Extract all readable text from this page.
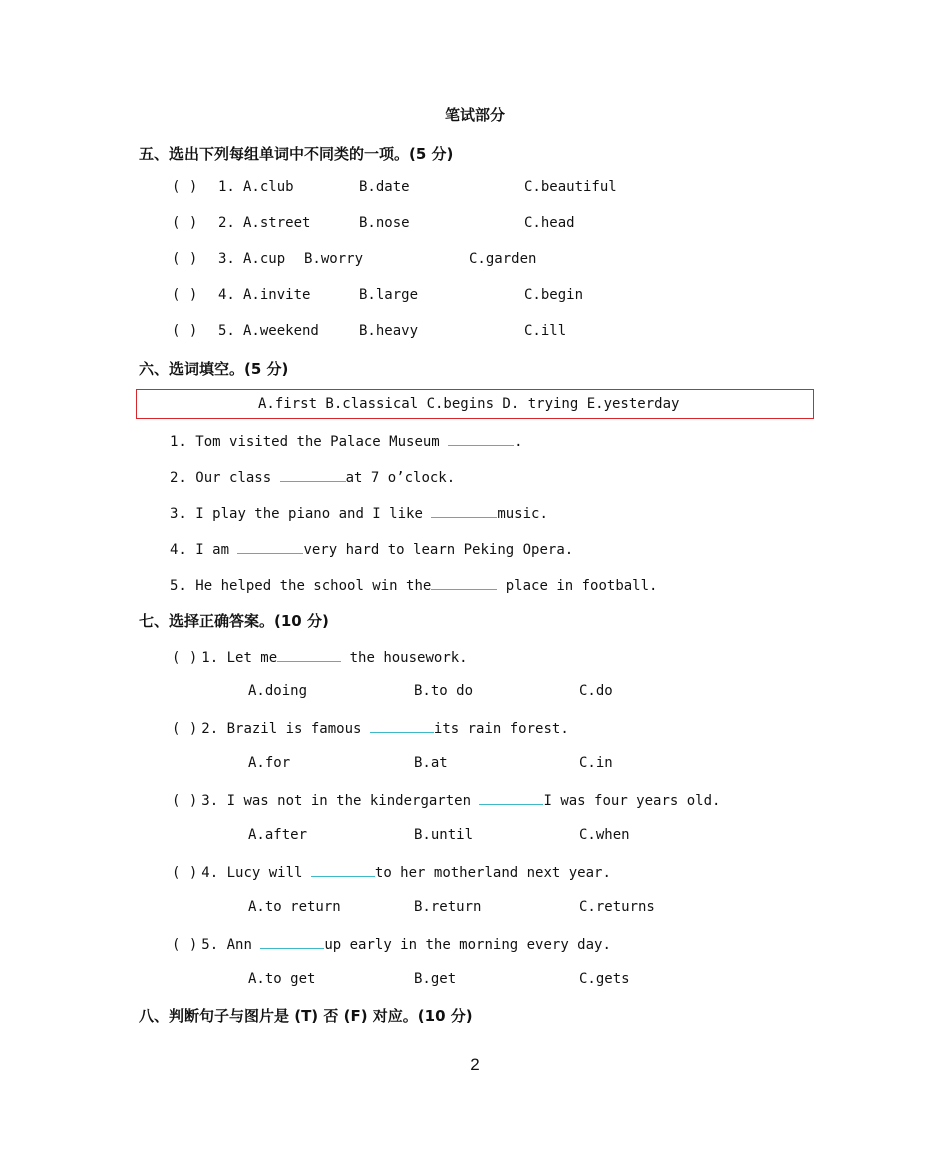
笔试部分
五、选出下列每组单词中不同类的一项。(5 分)
( ) 1. A.club	B.date	C.beautiful
( ) 2. A.street	B.nose	C.head
( ) 3. A.cup B.worry	C.garden
( ) 4. A.invite	B.large	C.begin
( ) 5. A.weekend	B.heavy	C.ill
六、选词填空。(5 分)
A.first B.classical C.begins D. trying E.yesterday
1. Tom visited the Palace Museum	.
2. Our class	at 7 o’clock.
3. I play the piano and I like	music.
4. I am	very hard to learn Peking Opera.
5. He helped the school win the	place in football.
七、选择正确答案。(10 分)
( ) 1. Let me	the housework.
A.doing	B.to do	C.do
( ) 2. Brazil is famous	its rain forest.
A.for	B.at	C.in
( ) 3. I was not in the kindergarten	I was four years old.
A.after	B.until	C.when
( ) 4. Lucy will	to her motherland next year.
A.to return	B.return	C.returns
( ) 5. Ann	up early in the morning every day.
A.to get	B.get	C.gets
八、判断句子与图片是 (T) 否 (F) 对应。(10 分)
2
